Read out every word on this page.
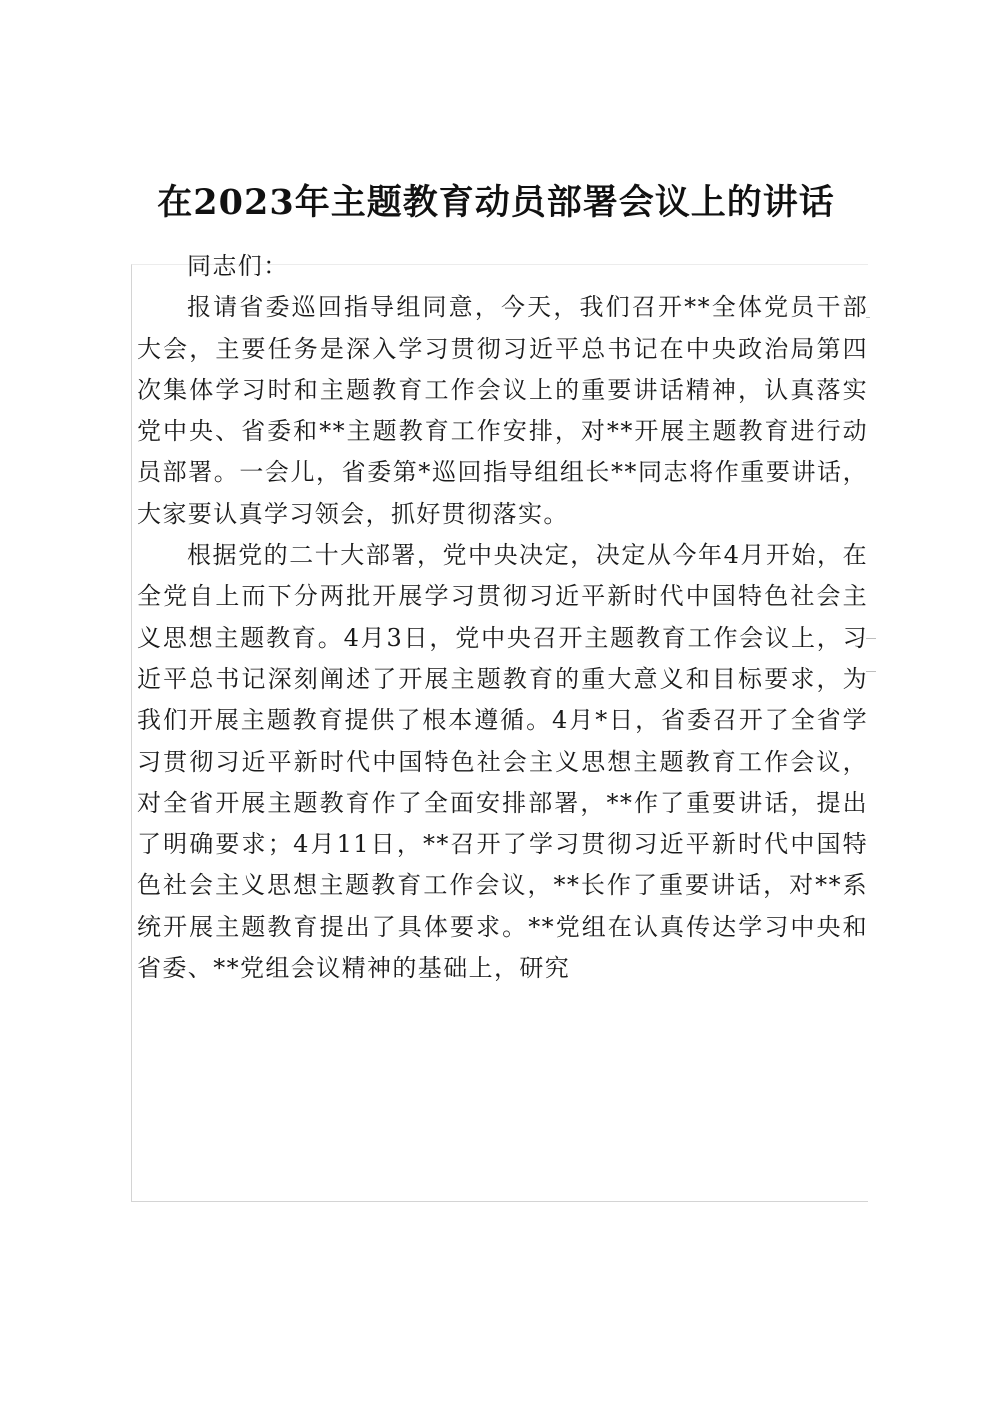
在2023年主题教育动员部署会议上的讲话

同志们：

报请省委巡回指导组同意，今天，我们召开**全体党员干部大会，主要任务是深入学习贯彻习近平总书记在中央政治局第四次集体学习时和主题教育工作会议上的重要讲话精神，认真落实党中央、省委和**主题教育工作安排，对**开展主题教育进行动员部署。一会儿，省委第*巡回指导组组长**同志将作重要讲话，大家要认真学习领会，抓好贯彻落实。

根据党的二十大部署，党中央决定，决定从今年4月开始，在全党自上而下分两批开展学习贯彻习近平新时代中国特色社会主义思想主题教育。4月3日，党中央召开主题教育工作会议上，习近平总书记深刻阐述了开展主题教育的重大意义和目标要求，为我们开展主题教育提供了根本遵循。4月*日，省委召开了全省学习贯彻习近平新时代中国特色社会主义思想主题教育工作会议，对全省开展主题教育作了全面安排部署，**作了重要讲话，提出了明确要求；4月11日，**召开了学习贯彻习近平新时代中国特色社会主义思想主题教育工作会议，**长作了重要讲话，对**系统开展主题教育提出了具体要求。**党组在认真传达学习中央和省委、**党组会议精神的基础上，研究
